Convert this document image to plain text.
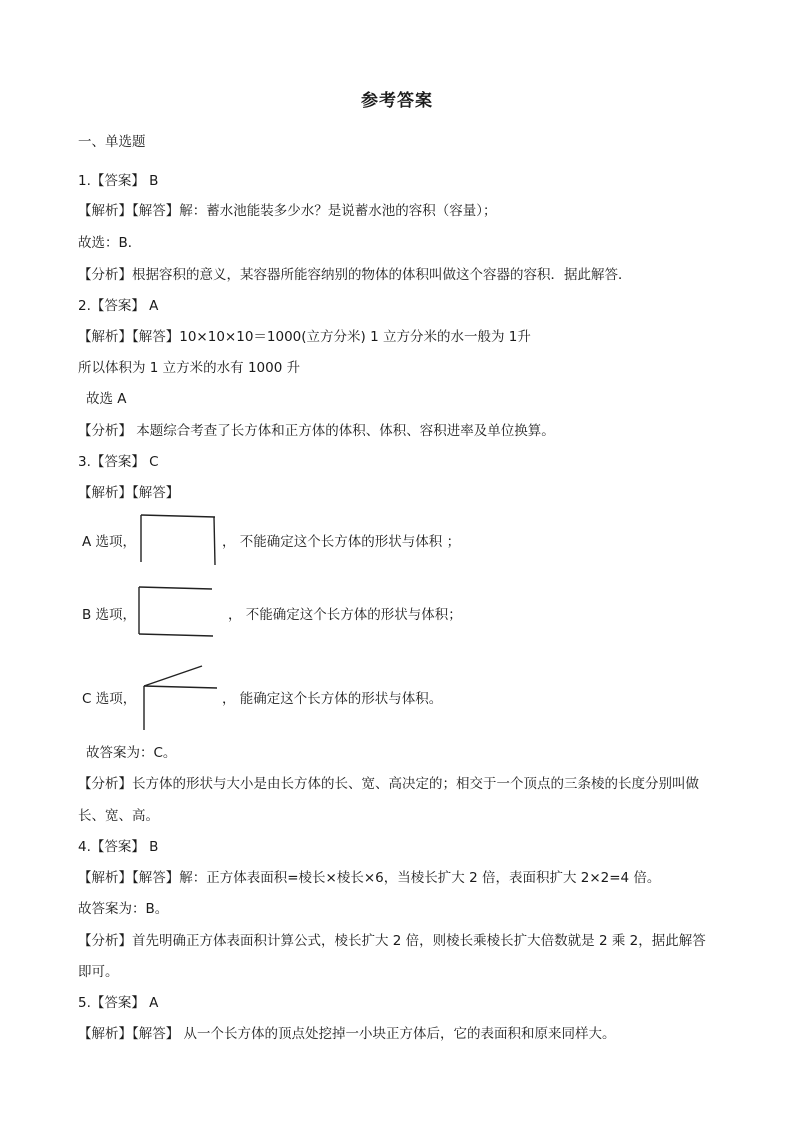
参考答案
一、单选题
1.【答案】 B
【解析】【解答】解：蓄水池能装多少水？是说蓄水池的容积（容量）；
故选：B．
【分析】根据容积的意义，某容器所能容纳别的物体的体积叫做这个容器的容积．据此解答．
2.【答案】 A
【解析】【解答】10×10×10＝1000(立方分米) 1 立方分米的水一般为 1升
所以体积为 1 立方米的水有 1000 升
故选 A
【分析】 本题综合考查了长方体和正方体的体积、体积、容积进率及单位换算。
3.【答案】 C
【解析】【解答】
A 选项，	， 不能确定这个长方体的形状与体积 ；
B 选项，	， 不能确定这个长方体的形状与体积；
C 选项，	， 能确定这个长方体的形状与体积。
故答案为：C。
【分析】长方体的形状与大小是由长方体的长、宽、高决定的；相交于一个顶点的三条棱的长度分别叫做
长、宽、高。
4.【答案】 B
【解析】【解答】解：正方体表面积=棱长×棱长×6，当棱长扩大 2 倍，表面积扩大 2×2=4 倍。
故答案为：B。
【分析】首先明确正方体表面积计算公式，棱长扩大 2 倍，则棱长乘棱长扩大倍数就是 2 乘 2，据此解答
即可。
5.【答案】 A
【解析】【解答】 从一个长方体的顶点处挖掉一小块正方体后，它的表面积和原来同样大。
